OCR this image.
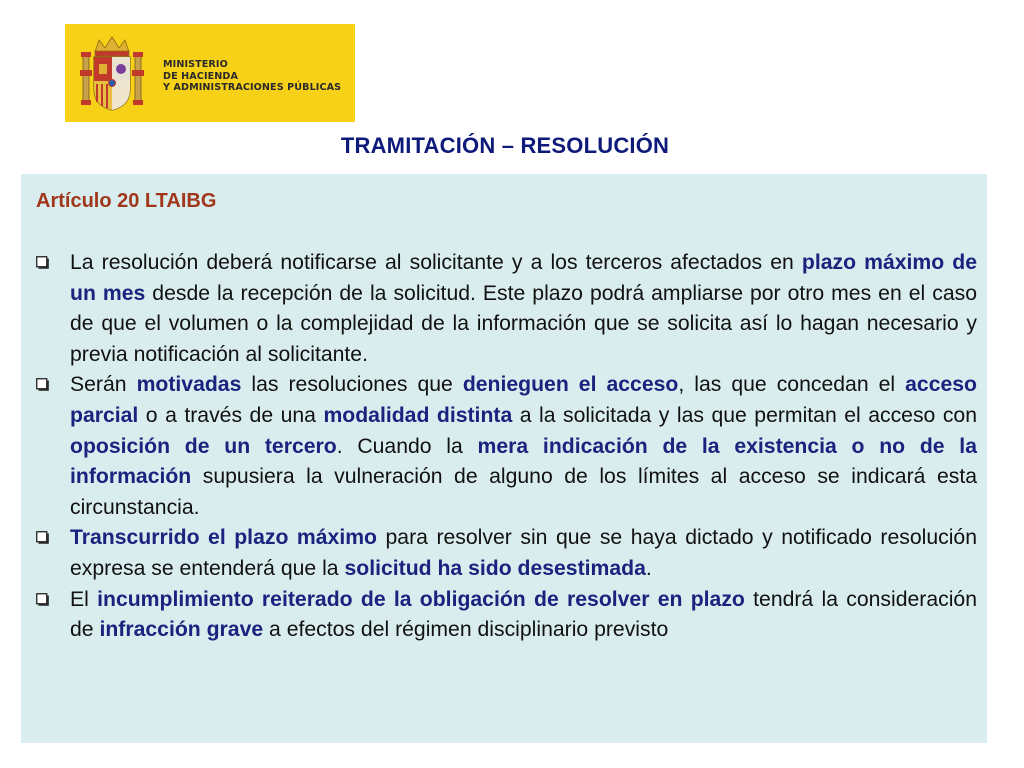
MINISTERIO
DE HACIENDA
Y ADMINISTRACIONES PÚBLICAS
TRAMITACIÓN – RESOLUCIÓN
Artículo 20 LTAIBG
La resolución deberá notificarse al solicitante y a los terceros afectados en plazo máximo de un mes desde la recepción de la solicitud. Este plazo podrá ampliarse por otro mes en el caso de que el volumen o la complejidad de la información que se solicita así lo hagan necesario y previa notificación al solicitante.
Serán motivadas las resoluciones que denieguen el acceso, las que concedan el acceso parcial o a través de una modalidad distinta a la solicitada y las que permitan el acceso con oposición de un tercero. Cuando la mera indicación de la existencia o no de la información supusiera la vulneración de alguno de los límites al acceso se indicará esta circunstancia.
Transcurrido el plazo máximo para resolver sin que se haya dictado y notificado resolución expresa se entenderá que la solicitud ha sido desestimada.
El incumplimiento reiterado de la obligación de resolver en plazo tendrá la consideración de infracción grave a efectos del régimen disciplinario previsto
